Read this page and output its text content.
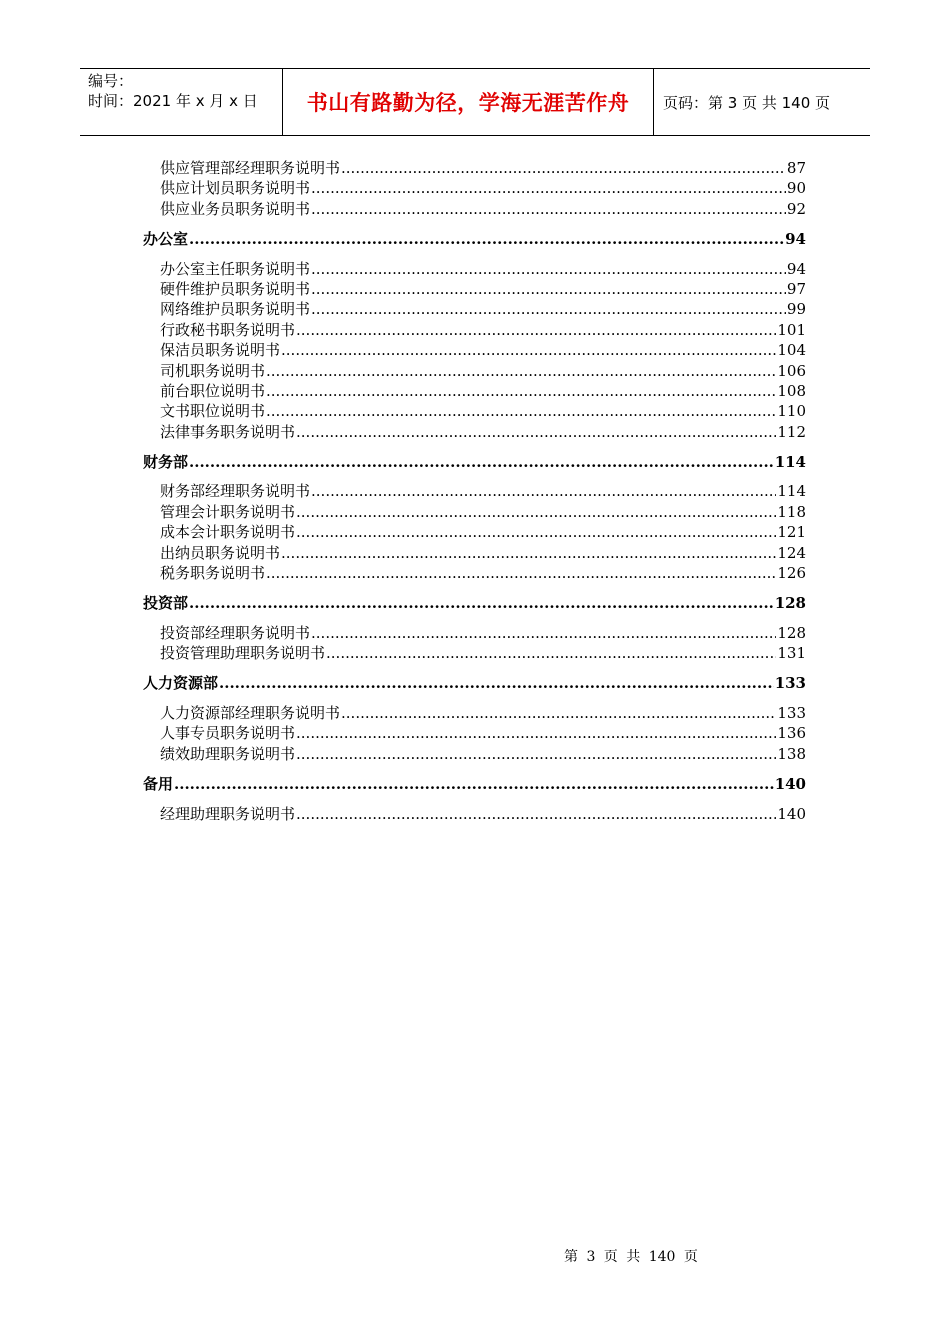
编号：
时间：2021 年 x 月 x 日	书山有路勤为径，学海无涯苦作舟	页码：第 3 页 共 140 页
供应管理部经理职务说明书 .....	87
供应计划员职务说明书 .....	90
供应业务员职务说明书 .....	92
办公室 .....	94
办公室主任职务说明书 .....	94
硬件维护员职务说明书 .....	97
网络维护员职务说明书 .....	99
行政秘书职务说明书 .....	101
保洁员职务说明书 .....	104
司机职务说明书 .....	106
前台职位说明书 .....	108
文书职位说明书 .....	110
法律事务职务说明书 .....	112
财务部 .....	114
财务部经理职务说明书 .....	114
管理会计职务说明书 .....	118
成本会计职务说明书 .....	121
出纳员职务说明书 .....	124
税务职务说明书 .....	126
投资部 .....	128
投资部经理职务说明书 .....	128
投资管理助理职务说明书 .....	131
人力资源部 .....	133
人力资源部经理职务说明书 .....	133
人事专员职务说明书 .....	136
绩效助理职务说明书 .....	138
备用 .....	140
经理助理职务说明书 .....	140
第 3 页 共 140 页
